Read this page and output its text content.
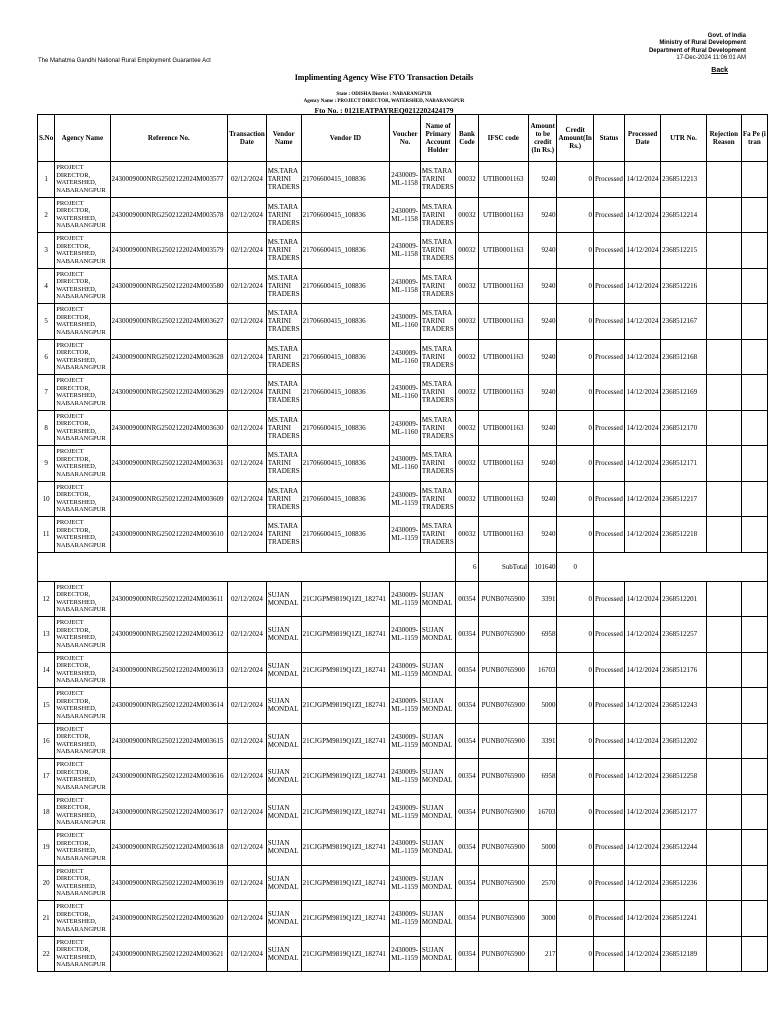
Govt. of India
Ministry of Rural Development
Department of Rural Development
17-Dec-2024 11:06:01 AM
The Mahatma Gandhi National Rural Employment Guarantee Act
Back
Implimenting Agency Wise FTO Transaction Details
State : ODISHA District : NABARANGPUR
Agency Name : PROJECT DIRECTOR, WATERSHED, NABARANGPUR
Fto No. : 0121EATPAYREQ0212202424179
S.No	Agency Name	Reference No.	Transaction Date	Vendor Name	Vendor ID	Voucher No.	Name of Primary Account Holder	Bank Code	IFSC code	Amount to be credit (In Rs.)	Credit Amount(In Rs.)	Status	Processed Date	UTR No.	Rejection Reason	Fa Pe (i tran
1	PROJECT DIRECTOR, WATERSHED, NABARANGPUR	2430009000NRG2502122024M003577	02/12/2024	MS.TARA TARINI TRADERS	21706600415_108836	2430009-ML-1158	MS.TARA TARINI TRADERS	00032	UTIB0001163	9240	0	Processed	14/12/2024	2368512213		
2	PROJECT DIRECTOR, WATERSHED, NABARANGPUR	2430009000NRG2502122024M003578	02/12/2024	MS.TARA TARINI TRADERS	21706600415_108836	2430009-ML-1158	MS.TARA TARINI TRADERS	00032	UTIB0001163	9240	0	Processed	14/12/2024	2368512214		
3	PROJECT DIRECTOR, WATERSHED, NABARANGPUR	2430009000NRG2502122024M003579	02/12/2024	MS.TARA TARINI TRADERS	21706600415_108836	2430009-ML-1158	MS.TARA TARINI TRADERS	00032	UTIB0001163	9240	0	Processed	14/12/2024	2368512215		
4	PROJECT DIRECTOR, WATERSHED, NABARANGPUR	2430009000NRG2502122024M003580	02/12/2024	MS.TARA TARINI TRADERS	21706600415_108836	2430009-ML-1158	MS.TARA TARINI TRADERS	00032	UTIB0001163	9240	0	Processed	14/12/2024	2368512216		
5	PROJECT DIRECTOR, WATERSHED, NABARANGPUR	2430009000NRG2502122024M003627	02/12/2024	MS.TARA TARINI TRADERS	21706600415_108836	2430009-ML-1160	MS.TARA TARINI TRADERS	00032	UTIB0001163	9240	0	Processed	14/12/2024	2368512167		
6	PROJECT DIRECTOR, WATERSHED, NABARANGPUR	2430009000NRG2502122024M003628	02/12/2024	MS.TARA TARINI TRADERS	21706600415_108836	2430009-ML-1160	MS.TARA TARINI TRADERS	00032	UTIB0001163	9240	0	Processed	14/12/2024	2368512168		
7	PROJECT DIRECTOR, WATERSHED, NABARANGPUR	2430009000NRG2502122024M003629	02/12/2024	MS.TARA TARINI TRADERS	21706600415_108836	2430009-ML-1160	MS.TARA TARINI TRADERS	00032	UTIB0001163	9240	0	Processed	14/12/2024	2368512169		
8	PROJECT DIRECTOR, WATERSHED, NABARANGPUR	2430009000NRG2502122024M003630	02/12/2024	MS.TARA TARINI TRADERS	21706600415_108836	2430009-ML-1160	MS.TARA TARINI TRADERS	00032	UTIB0001163	9240	0	Processed	14/12/2024	2368512170		
9	PROJECT DIRECTOR, WATERSHED, NABARANGPUR	2430009000NRG2502122024M003631	02/12/2024	MS.TARA TARINI TRADERS	21706600415_108836	2430009-ML-1160	MS.TARA TARINI TRADERS	00032	UTIB0001163	9240	0	Processed	14/12/2024	2368512171		
10	PROJECT DIRECTOR, WATERSHED, NABARANGPUR	2430009000NRG2502122024M003609	02/12/2024	MS.TARA TARINI TRADERS	21706600415_108836	2430009-ML-1159	MS.TARA TARINI TRADERS	00032	UTIB0001163	9240	0	Processed	14/12/2024	2368512217		
11	PROJECT DIRECTOR, WATERSHED, NABARANGPUR	2430009000NRG2502122024M003610	02/12/2024	MS.TARA TARINI TRADERS	21706600415_108836	2430009-ML-1159	MS.TARA TARINI TRADERS	00032	UTIB0001163	9240	0	Processed	14/12/2024	2368512218		
								6	SubTotal	101640	0					
12	PROJECT DIRECTOR, WATERSHED, NABARANGPUR	2430009000NRG2502122024M003611	02/12/2024	SUJAN MONDAL	21CJGPM9819Q1ZI_182741	2430009-ML-1159	SUJAN MONDAL	00354	PUNB0765900	3391	0	Processed	14/12/2024	2368512201		
13	PROJECT DIRECTOR, WATERSHED, NABARANGPUR	2430009000NRG2502122024M003612	02/12/2024	SUJAN MONDAL	21CJGPM9819Q1ZI_182741	2430009-ML-1159	SUJAN MONDAL	00354	PUNB0765900	6958	0	Processed	14/12/2024	2368512257		
14	PROJECT DIRECTOR, WATERSHED, NABARANGPUR	2430009000NRG2502122024M003613	02/12/2024	SUJAN MONDAL	21CJGPM9819Q1ZI_182741	2430009-ML-1159	SUJAN MONDAL	00354	PUNB0765900	16703	0	Processed	14/12/2024	2368512176		
15	PROJECT DIRECTOR, WATERSHED, NABARANGPUR	2430009000NRG2502122024M003614	02/12/2024	SUJAN MONDAL	21CJGPM9819Q1ZI_182741	2430009-ML-1159	SUJAN MONDAL	00354	PUNB0765900	5000	0	Processed	14/12/2024	2368512243		
16	PROJECT DIRECTOR, WATERSHED, NABARANGPUR	2430009000NRG2502122024M003615	02/12/2024	SUJAN MONDAL	21CJGPM9819Q1ZI_182741	2430009-ML-1159	SUJAN MONDAL	00354	PUNB0765900	3391	0	Processed	14/12/2024	2368512202		
17	PROJECT DIRECTOR, WATERSHED, NABARANGPUR	2430009000NRG2502122024M003616	02/12/2024	SUJAN MONDAL	21CJGPM9819Q1ZI_182741	2430009-ML-1159	SUJAN MONDAL	00354	PUNB0765900	6958	0	Processed	14/12/2024	2368512258		
18	PROJECT DIRECTOR, WATERSHED, NABARANGPUR	2430009000NRG2502122024M003617	02/12/2024	SUJAN MONDAL	21CJGPM9819Q1ZI_182741	2430009-ML-1159	SUJAN MONDAL	00354	PUNB0765900	16703	0	Processed	14/12/2024	2368512177		
19	PROJECT DIRECTOR, WATERSHED, NABARANGPUR	2430009000NRG2502122024M003618	02/12/2024	SUJAN MONDAL	21CJGPM9819Q1ZI_182741	2430009-ML-1159	SUJAN MONDAL	00354	PUNB0765900	5000	0	Processed	14/12/2024	2368512244		
20	PROJECT DIRECTOR, WATERSHED, NABARANGPUR	2430009000NRG2502122024M003619	02/12/2024	SUJAN MONDAL	21CJGPM9819Q1ZI_182741	2430009-ML-1159	SUJAN MONDAL	00354	PUNB0765900	2570	0	Processed	14/12/2024	2368512236		
21	PROJECT DIRECTOR, WATERSHED, NABARANGPUR	2430009000NRG2502122024M003620	02/12/2024	SUJAN MONDAL	21CJGPM9819Q1ZI_182741	2430009-ML-1159	SUJAN MONDAL	00354	PUNB0765900	3000	0	Processed	14/12/2024	2368512241		
22	PROJECT DIRECTOR, WATERSHED, NABARANGPUR	2430009000NRG2502122024M003621	02/12/2024	SUJAN MONDAL	21CJGPM9819Q1ZI_182741	2430009-ML-1159	SUJAN MONDAL	00354	PUNB0765900	217	0	Processed	14/12/2024	2368512189		
